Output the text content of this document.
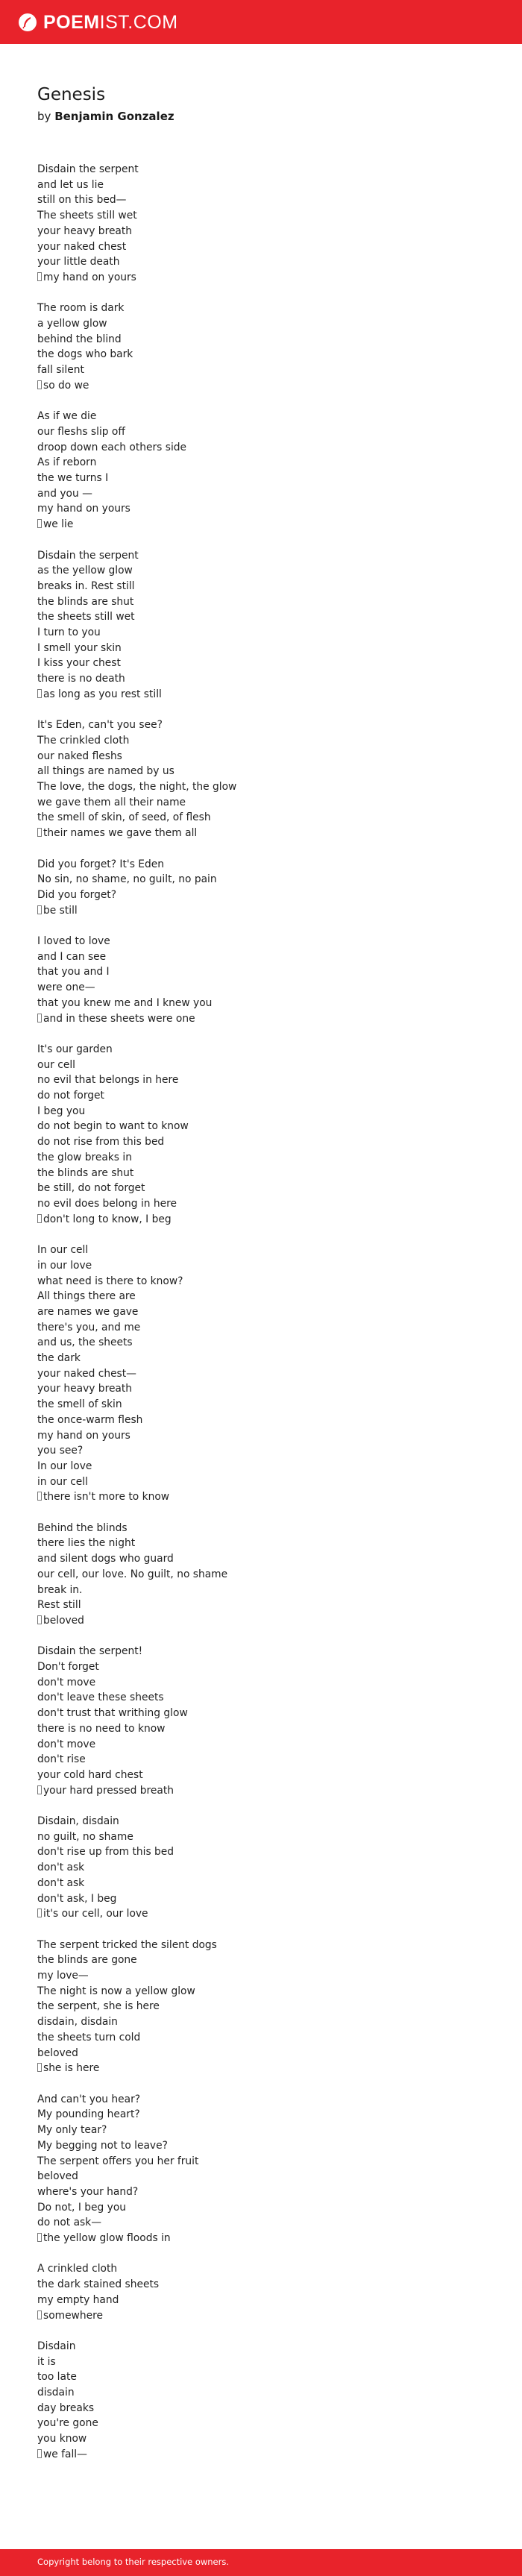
POEM IST.COM
Genesis
by Benjamin Gonzalez
Disdain the serpent
and let us lie
still on this bed—
The sheets still wet
your heavy breath
your naked chest
your little death
my hand on yours
The room is dark
a yellow glow
behind the blind
the dogs who bark
fall silent
so do we
As if we die
our fleshs slip off
droop down each others side
As if reborn
the we turns I
and you —
my hand on yours
we lie
Disdain the serpent
as the yellow glow
breaks in. Rest still
the blinds are shut
the sheets still wet
I turn to you
I smell your skin
I kiss your chest
there is no death
as long as you rest still
It's Eden, can't you see?
The crinkled cloth
our naked fleshs
all things are named by us
The love, the dogs, the night, the glow
we gave them all their name
the smell of skin, of seed, of flesh
their names we gave them all
Did you forget? It's Eden
No sin, no shame, no guilt, no pain
Did you forget?
be still
I loved to love
and I can see
that you and I
were one—
that you knew me and I knew you
and in these sheets were one
It's our garden
our cell
no evil that belongs in here
do not forget
I beg you
do not begin to want to know
do not rise from this bed
the glow breaks in
the blinds are shut
be still, do not forget
no evil does belong in here
don't long to know, I beg
In our cell
in our love
what need is there to know?
All things there are
are names we gave
there's you, and me
and us, the sheets
the dark
your naked chest—
your heavy breath
the smell of skin
the once-warm flesh
my hand on yours
you see?
In our love
in our cell
there isn't more to know
Behind the blinds
there lies the night
and silent dogs who guard
our cell, our love. No guilt, no shame
break in.
Rest still
beloved
Disdain the serpent!
Don't forget
don't move
don't leave these sheets
don't trust that writhing glow
there is no need to know
don't move
don't rise
your cold hard chest
your hard pressed breath
Disdain, disdain
no guilt, no shame
don't rise up from this bed
don't ask
don't ask
don't ask, I beg
it's our cell, our love
The serpent tricked the silent dogs
the blinds are gone
my love—
The night is now a yellow glow
the serpent, she is here
disdain, disdain
the sheets turn cold
beloved
she is here
And can't you hear?
My pounding heart?
My only tear?
My begging not to leave?
The serpent offers you her fruit
beloved
where's your hand?
Do not, I beg you
do not ask—
the yellow glow floods in
A crinkled cloth
the dark stained sheets
my empty hand
somewhere
Disdain
it is
too late
disdain
day breaks
you're gone
you know
we fall—
Copyright belong to their respective owners.
